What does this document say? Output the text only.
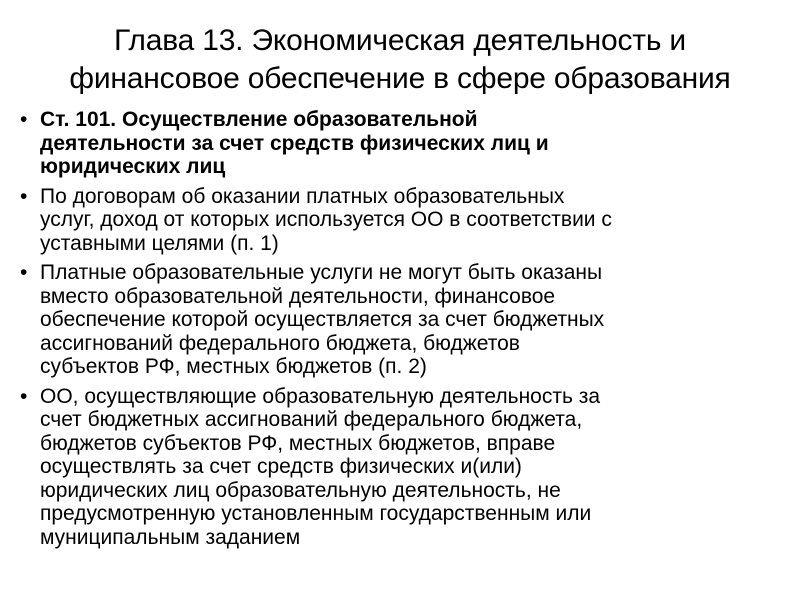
Глава 13. Экономическая деятельность и
финансовое обеспечение в сфере образования
• Ст. 101. Осуществление образовательной
деятельности за счет средств физических лиц и
юридических лиц
• По договорам об оказании платных образовательных
услуг, доход от которых используется ОО в соответствии с
уставными целями (п. 1)
• Платные образовательные услуги не могут быть оказаны
вместо образовательной деятельности, финансовое
обеспечение которой осуществляется за счет бюджетных
ассигнований федерального бюджета, бюджетов
субъектов РФ, местных бюджетов (п. 2)
• ОО, осуществляющие образовательную деятельность за
счет бюджетных ассигнований федерального бюджета,
бюджетов субъектов РФ, местных бюджетов, вправе
осуществлять за счет средств физических и(или)
юридических лиц образовательную деятельность, не
предусмотренную установленным государственным или
муниципальным заданием
